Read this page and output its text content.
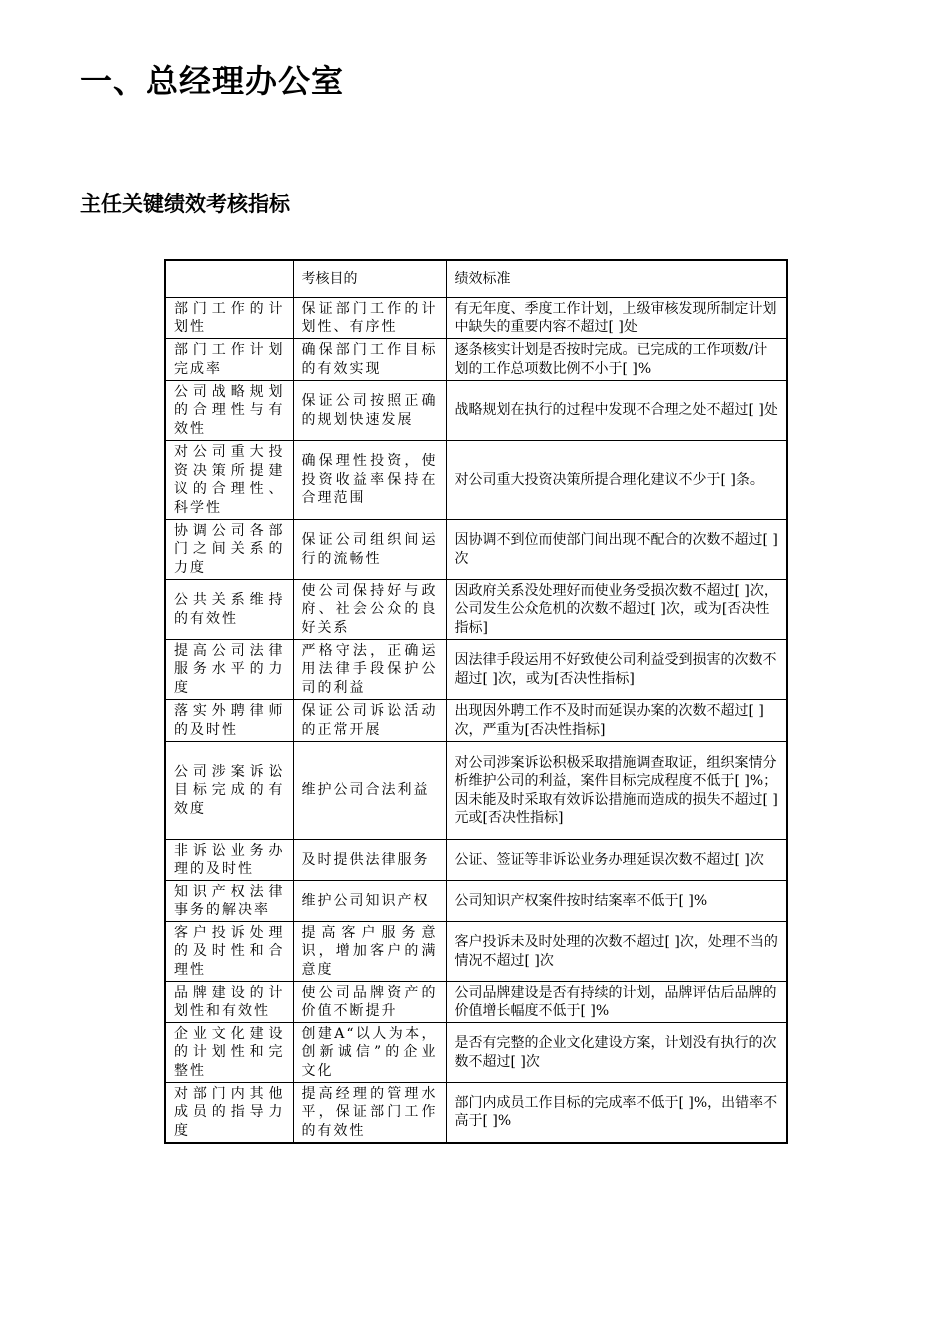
一、总经理办公室
主任关键绩效考核指标
	考核目的	绩效标准
部门工作的计划性	保证部门工作的计划性、有序性	有无年度、季度工作计划，上级审核发现所制定计划中缺失的重要内容不超过[ ]处
部门工作计划完成率	确保部门工作目标的有效实现	逐条核实计划是否按时完成。已完成的工作项数/计划的工作总项数比例不小于[ ]%
公司战略规划的合理性与有效性	保证公司按照正确的规划快速发展	战略规划在执行的过程中发现不合理之处不超过[ ]处
对公司重大投资决策所提建议的合理性、科学性	确保理性投资，使投资收益率保持在合理范围	对公司重大投资决策所提合理化建议不少于[ ]条。
协调公司各部门之间关系的力度	保证公司组织间运行的流畅性	因协调不到位而使部门间出现不配合的次数不超过[ ]次
公共关系维持的有效性	使公司保持好与政府、社会公众的良好关系	因政府关系没处理好而使业务受损次数不超过[ ]次，公司发生公众危机的次数不超过[ ]次，或为[否决性指标]
提高公司法律服务水平的力度	严格守法，正确运用法律手段保护公司的利益	因法律手段运用不好致使公司利益受到损害的次数不超过[ ]次，或为[否决性指标]
落实外聘律师的及时性	保证公司诉讼活动的正常开展	出现因外聘工作不及时而延误办案的次数不超过[ ]次，严重为[否决性指标]
公司涉案诉讼目标完成的有效度	维护公司合法利益	对公司涉案诉讼积极采取措施调查取证，组织案情分析维护公司的利益，案件目标完成程度不低于[ ]%；因未能及时采取有效诉讼措施而造成的损失不超过[ ]元或[否决性指标]
非诉讼业务办理的及时性	及时提供法律服务	公证、签证等非诉讼业务办理延误次数不超过[ ]次
知识产权法律事务的解决率	维护公司知识产权	公司知识产权案件按时结案率不低于[ ]%
客户投诉处理的及时性和合理性	提高客户服务意识，增加客户的满意度	客户投诉未及时处理的次数不超过[ ]次，处理不当的情况不超过[ ]次
品牌建设的计划性和有效性	使公司品牌资产的价值不断提升	公司品牌建设是否有持续的计划，品牌评估后品牌的价值增长幅度不低于[ ]%
企业文化建设的计划性和完整性	创建A“以人为本，创新诚信”的企业文化	是否有完整的企业文化建设方案，计划没有执行的次数不超过[ ]次
对部门内其他成员的指导力度	提高经理的管理水平，保证部门工作的有效性	部门内成员工作目标的完成率不低于[ ]%，出错率不高于[ ]%
